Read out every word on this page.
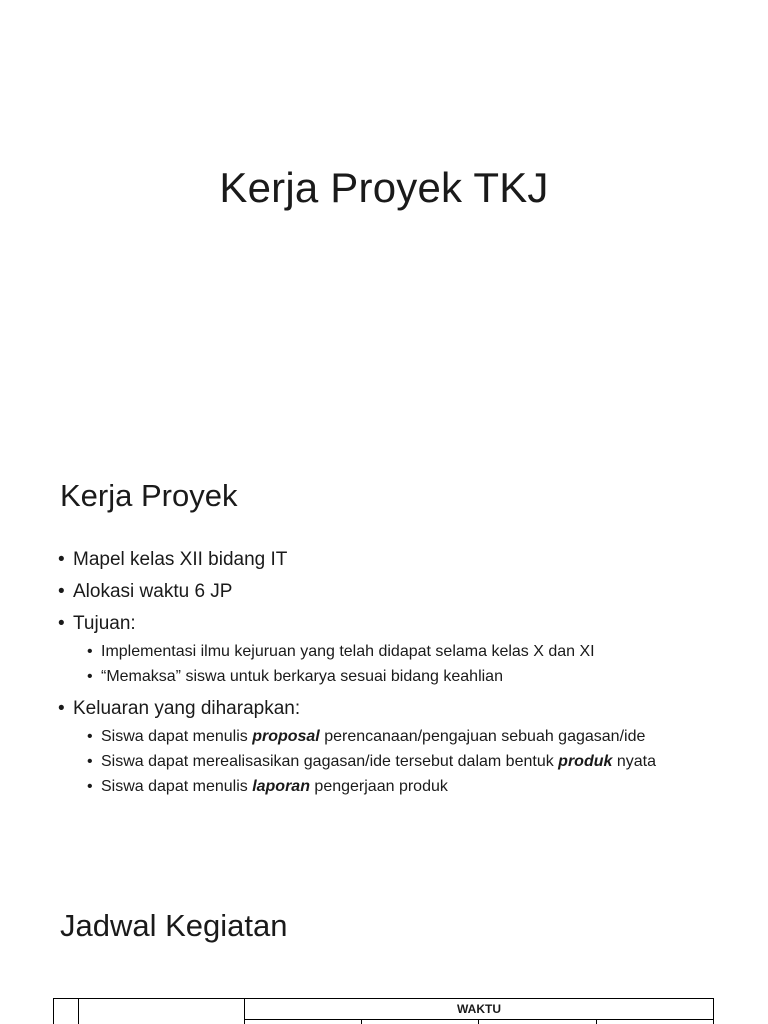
Kerja Proyek TKJ
Kerja Proyek
• Mapel kelas XII bidang IT
• Alokasi waktu 6 JP
• Tujuan:
• Implementasi ilmu kejuruan yang telah didapat selama kelas X dan XI
• “Memaksa” siswa untuk berkarya sesuai bidang keahlian
• Keluaran yang diharapkan:
• Siswa dapat menulis proposal perencanaan/pengajuan sebuah gagasan/ide
• Siswa dapat merealisasikan gagasan/ide tersebut dalam bentuk produk nyata
• Siswa dapat menulis laporan pengerjaan produk
Jadwal Kegiatan
		WAKTU			
